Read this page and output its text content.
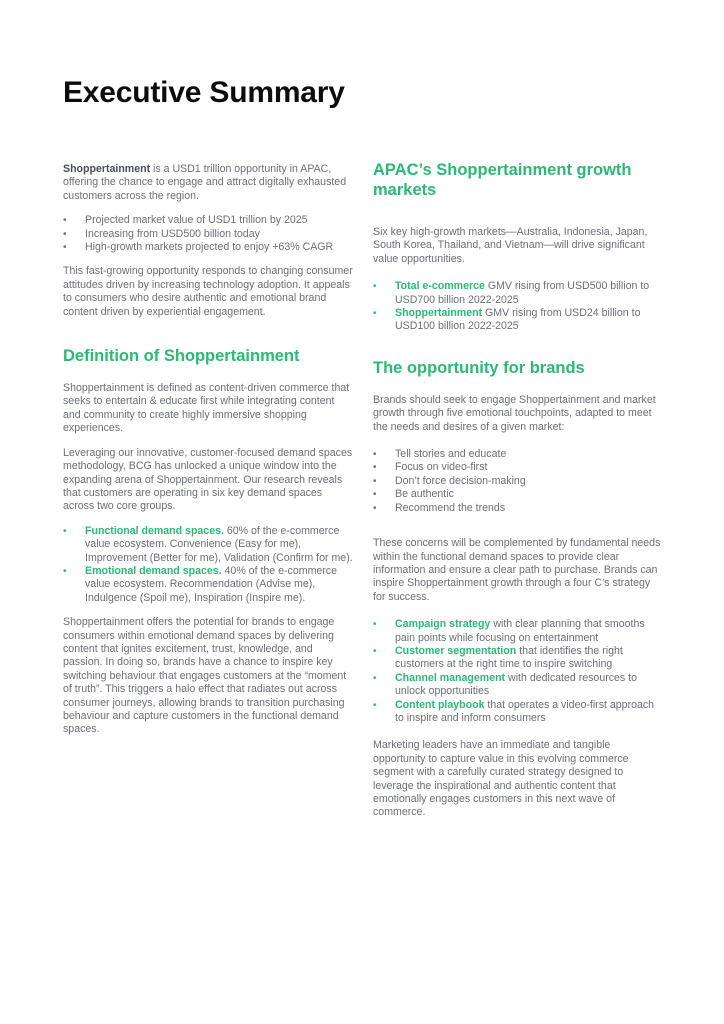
Executive Summary

Shoppertainment is a USD1 trillion opportunity in APAC, offering the chance to engage and attract digitally exhausted customers across the region.

• Projected market value of USD1 trillion by 2025
• Increasing from USD500 billion today
• High-growth markets projected to enjoy +63% CAGR

This fast-growing opportunity responds to changing consumer attitudes driven by increasing technology adoption. It appeals to consumers who desire authentic and emotional brand content driven by experiential engagement.

Definition of Shoppertainment

Shoppertainment is defined as content-driven commerce that seeks to entertain & educate first while integrating content and community to create highly immersive shopping experiences.

Leveraging our innovative, customer-focused demand spaces methodology, BCG has unlocked a unique window into the expanding arena of Shoppertainment. Our research reveals that customers are operating in six key demand spaces across two core groups.

• Functional demand spaces. 60% of the e-commerce value ecosystem. Convenience (Easy for me), Improvement (Better for me), Validation (Confirm for me).
• Emotional demand spaces. 40% of the e-commerce value ecosystem. Recommendation (Advise me), Indulgence (Spoil me), Inspiration (Inspire me).

Shoppertainment offers the potential for brands to engage consumers within emotional demand spaces by delivering content that ignites excitement, trust, knowledge, and passion. In doing so, brands have a chance to inspire key switching behaviour that engages customers at the “moment of truth”. This triggers a halo effect that radiates out across consumer journeys, allowing brands to transition purchasing behaviour and capture customers in the functional demand spaces.

APAC’s Shoppertainment growth markets

Six key high-growth markets—Australia, Indonesia, Japan, South Korea, Thailand, and Vietnam—will drive significant value opportunities.

• Total e-commerce GMV rising from USD500 billion to USD700 billion 2022-2025
• Shoppertainment GMV rising from USD24 billion to USD100 billion 2022-2025
The opportunity for brands

Brands should seek to engage Shoppertainment and market growth through five emotional touchpoints, adapted to meet the needs and desires of a given market:

• Tell stories and educate
• Focus on video-first
• Don’t force decision-making
• Be authentic
• Recommend the trends

These concerns will be complemented by fundamental needs within the functional demand spaces to provide clear information and ensure a clear path to purchase. Brands can inspire Shoppertainment growth through a four C’s strategy for success.

• Campaign strategy with clear planning that smooths pain points while focusing on entertainment
• Customer segmentation that identifies the right customers at the right time to inspire switching
• Channel management with dedicated resources to unlock opportunities
• Content playbook that operates a video-first approach to inspire and inform consumers

Marketing leaders have an immediate and tangible opportunity to capture value in this evolving commerce segment with a carefully curated strategy designed to leverage the inspirational and authentic content that emotionally engages customers in this next wave of commerce.
